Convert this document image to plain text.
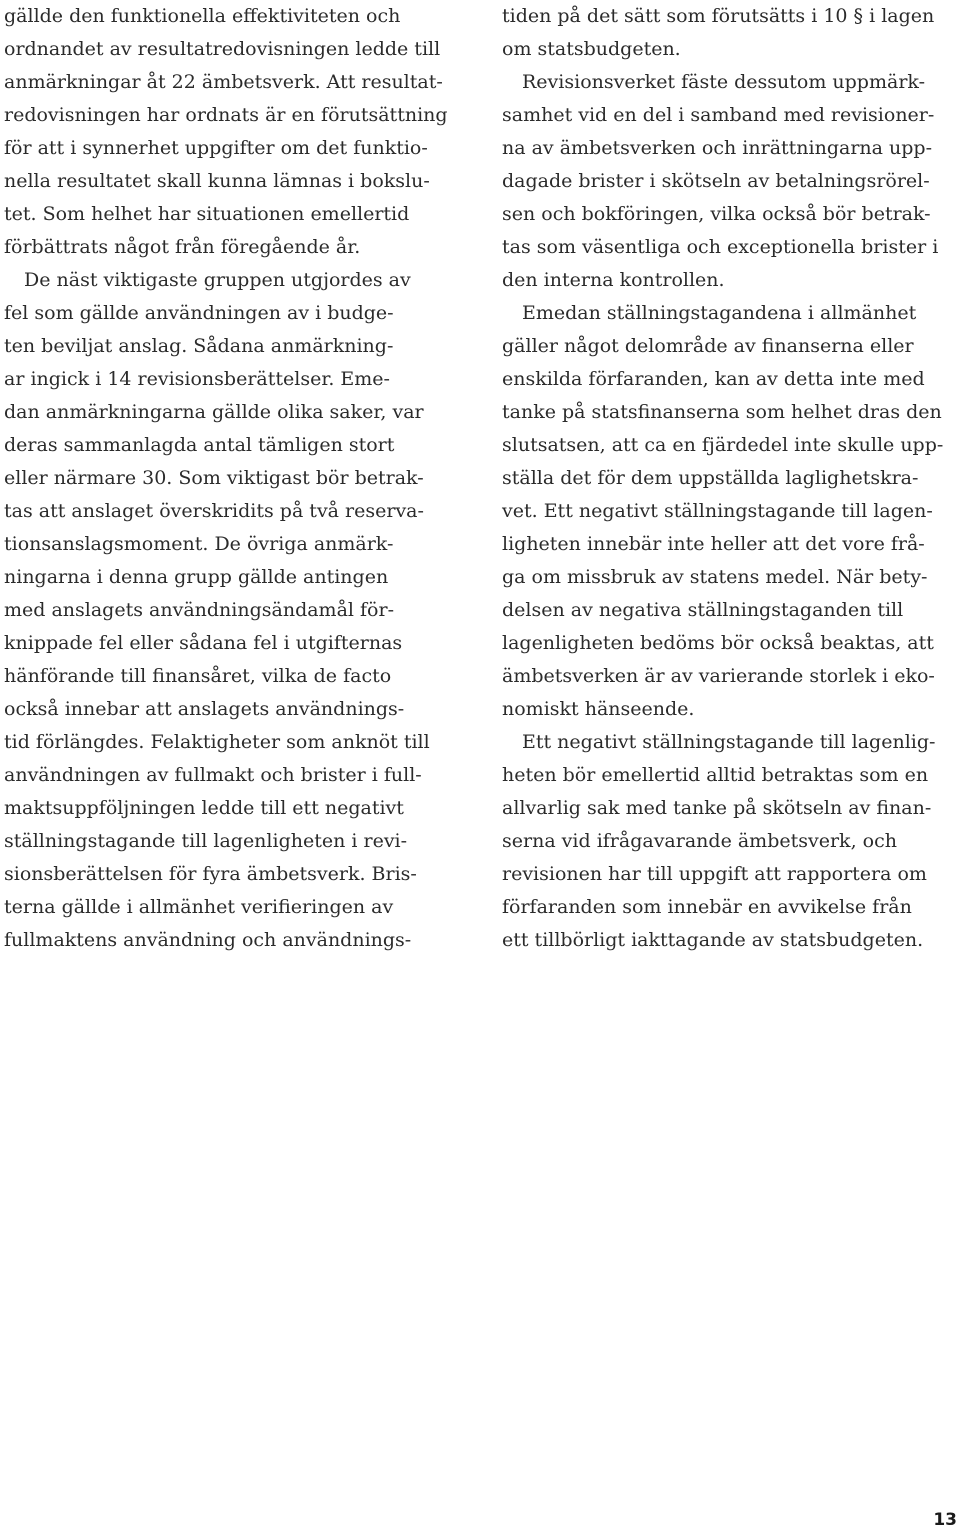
gällde den funktionella effektiviteten och
ordnandet av resultatredovisningen ledde till
anmärkningar åt 22 ämbetsverk. Att resultat-
redovisningen har ordnats är en förutsättning
för att i synnerhet uppgifter om det funktio-
nella resultatet skall kunna lämnas i bokslu-
tet. Som helhet har situationen emellertid
förbättrats något från föregående år.
De näst viktigaste gruppen utgjordes av
fel som gällde användningen av i budge-
ten beviljat anslag. Sådana anmärkning-
ar ingick i 14 revisionsberättelser. Eme-
dan anmärkningarna gällde olika saker, var
deras sammanlagda antal tämligen stort
eller närmare 30. Som viktigast bör betrak-
tas att anslaget överskridits på två reserva-
tionsanslagsmoment. De övriga anmärk-
ningarna i denna grupp gällde antingen
med anslagets användningsändamål för-
knippade fel eller sådana fel i utgifternas
hänförande till finansåret, vilka de facto
också innebar att anslagets användnings-
tid förlängdes. Felaktigheter som anknöt till
användningen av fullmakt och brister i full-
maktsuppföljningen ledde till ett negativt
ställningstagande till lagenligheten i revi-
sionsberättelsen för fyra ämbetsverk. Bris-
terna gällde i allmänhet verifieringen av
fullmaktens användning och användnings-
tiden på det sätt som förutsätts i 10 § i lagen
om statsbudgeten.
Revisionsverket fäste dessutom uppmärk-
samhet vid en del i samband med revisioner-
na av ämbetsverken och inrättningarna upp-
dagade brister i skötseln av betalningsrörel-
sen och bokföringen, vilka också bör betrak-
tas som väsentliga och exceptionella brister i
den interna kontrollen.
Emedan ställningstagandena i allmänhet
gäller något delområde av finanserna eller
enskilda förfaranden, kan av detta inte med
tanke på statsfinanserna som helhet dras den
slutsatsen, att ca en fjärdedel inte skulle upp-
ställa det för dem uppställda laglighetskra-
vet. Ett negativt ställningstagande till lagen-
ligheten innebär inte heller att det vore frå-
ga om missbruk av statens medel. När bety-
delsen av negativa ställningstaganden till
lagenligheten bedöms bör också beaktas, att
ämbetsverken är av varierande storlek i eko-
nomiskt hänseende.
Ett negativt ställningstagande till lagenlig-
heten bör emellertid alltid betraktas som en
allvarlig sak med tanke på skötseln av finan-
serna vid ifrågavarande ämbetsverk, och
revisionen har till uppgift att rapportera om
förfaranden som innebär en avvikelse från
ett tillbörligt iakttagande av statsbudgeten.
13
